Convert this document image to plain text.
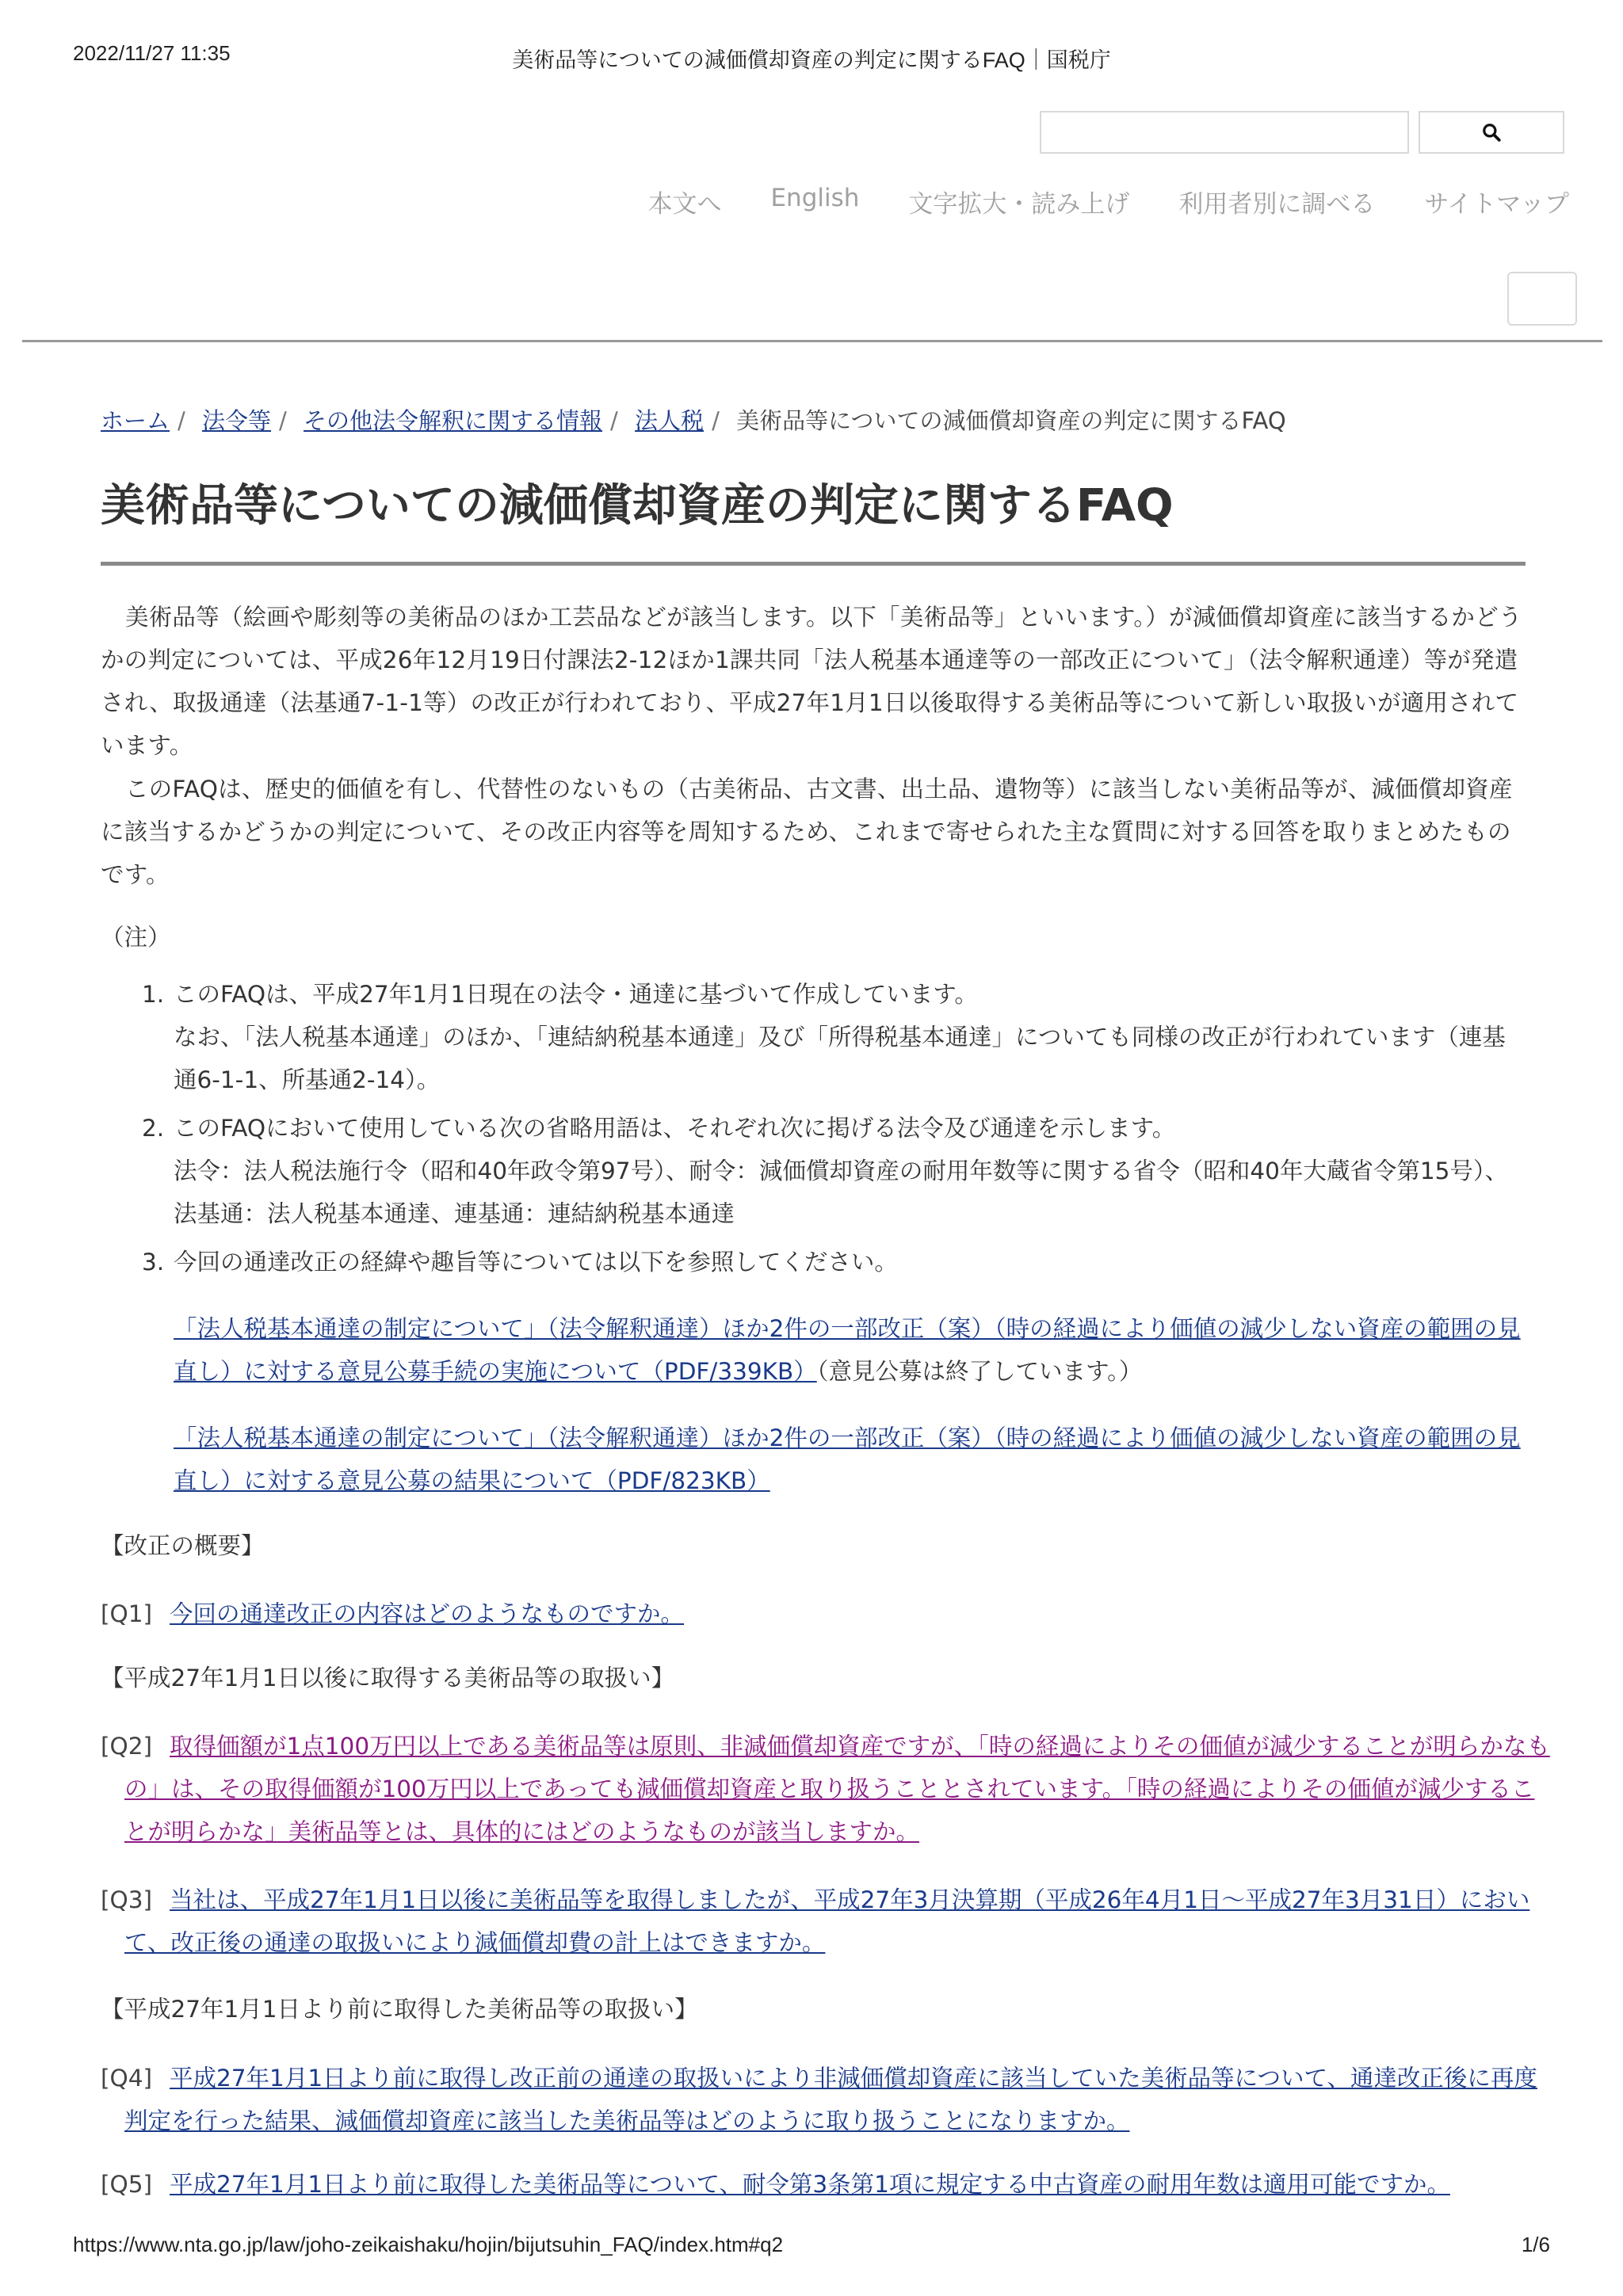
2022/11/27 11:35	美術品等についての減価償却資産の判定に関するFAQ｜国税庁
本文へ English 文字拡大・読み上げ 利用者別に調べる サイトマップ
ホーム / 法令等 / その他法令解釈に関する情報 / 法人税 / 美術品等についての減価償却資産の判定に関するFAQ
美術品等についての減価償却資産の判定に関するFAQ

美術品等（絵画や彫刻等の美術品のほか工芸品などが該当します。以下「美術品等」といいます。）が減価償却資産に該当するかどうかの判定については、平成26年12月19日付課法2-12ほか1課共同「法人税基本通達等の一部改正について」（法令解釈通達）等が発遣され、取扱通達（法基通7-1-1等）の改正が行われており、平成27年1月1日以後取得する美術品等について新しい取扱いが適用されています。

このFAQは、歴史的価値を有し、代替性のないもの（古美術品、古文書、出土品、遺物等）に該当しない美術品等が、減価償却資産に該当するかどうかの判定について、その改正内容等を周知するため、これまで寄せられた主な質問に対する回答を取りまとめたものです。

（注）
1. このFAQは、平成27年1月1日現在の法令・通達に基づいて作成しています。
なお、「法人税基本通達」のほか、「連結納税基本通達」及び「所得税基本通達」についても同様の改正が行われています（連基通6-1-1、所基通2-14）。
2. このFAQにおいて使用している次の省略用語は、それぞれ次に掲げる法令及び通達を示します。
法令：法人税法施行令（昭和40年政令第97号）、耐令：減価償却資産の耐用年数等に関する省令（昭和40年大蔵省令第15号）、法基通：法人税基本通達、連基通：連結納税基本通達
3. 今回の通達改正の経緯や趣旨等については以下を参照してください。
「法人税基本通達の制定について」（法令解釈通達）ほか2件の一部改正（案）（時の経過により価値の減少しない資産の範囲の見直し）に対する意見公募手続の実施について（PDF/339KB）（意見公募は終了しています。）
「法人税基本通達の制定について」（法令解釈通達）ほか2件の一部改正（案）（時の経過により価値の減少しない資産の範囲の見直し）に対する意見公募の結果について（PDF/823KB）
【改正の概要】
[Q1] 今回の通達改正の内容はどのようなものですか。
【平成27年1月1日以後に取得する美術品等の取扱い】
[Q2] 取得価額が1点100万円以上である美術品等は原則、非減価償却資産ですが、「時の経過によりその価値が減少することが明らかなもの」は、その取得価額が100万円以上であっても減価償却資産と取り扱うこととされています。「時の経過によりその価値が減少することが明らかな」美術品等とは、具体的にはどのようなものが該当しますか。
[Q3] 当社は、平成27年1月1日以後に美術品等を取得しましたが、平成27年3月決算期（平成26年4月1日～平成27年3月31日）において、改正後の通達の取扱いにより減価償却費の計上はできますか。
【平成27年1月1日より前に取得した美術品等の取扱い】
[Q4] 平成27年1月1日より前に取得し改正前の通達の取扱いにより非減価償却資産に該当していた美術品等について、通達改正後に再度判定を行った結果、減価償却資産に該当した美術品等はどのように取り扱うことになりますか。
[Q5] 平成27年1月1日より前に取得した美術品等について、耐令第3条第1項に規定する中古資産の耐用年数は適用可能ですか。
https://www.nta.go.jp/law/joho-zeikaishaku/hojin/bijutsuhin_FAQ/index.htm#q2	1/6
